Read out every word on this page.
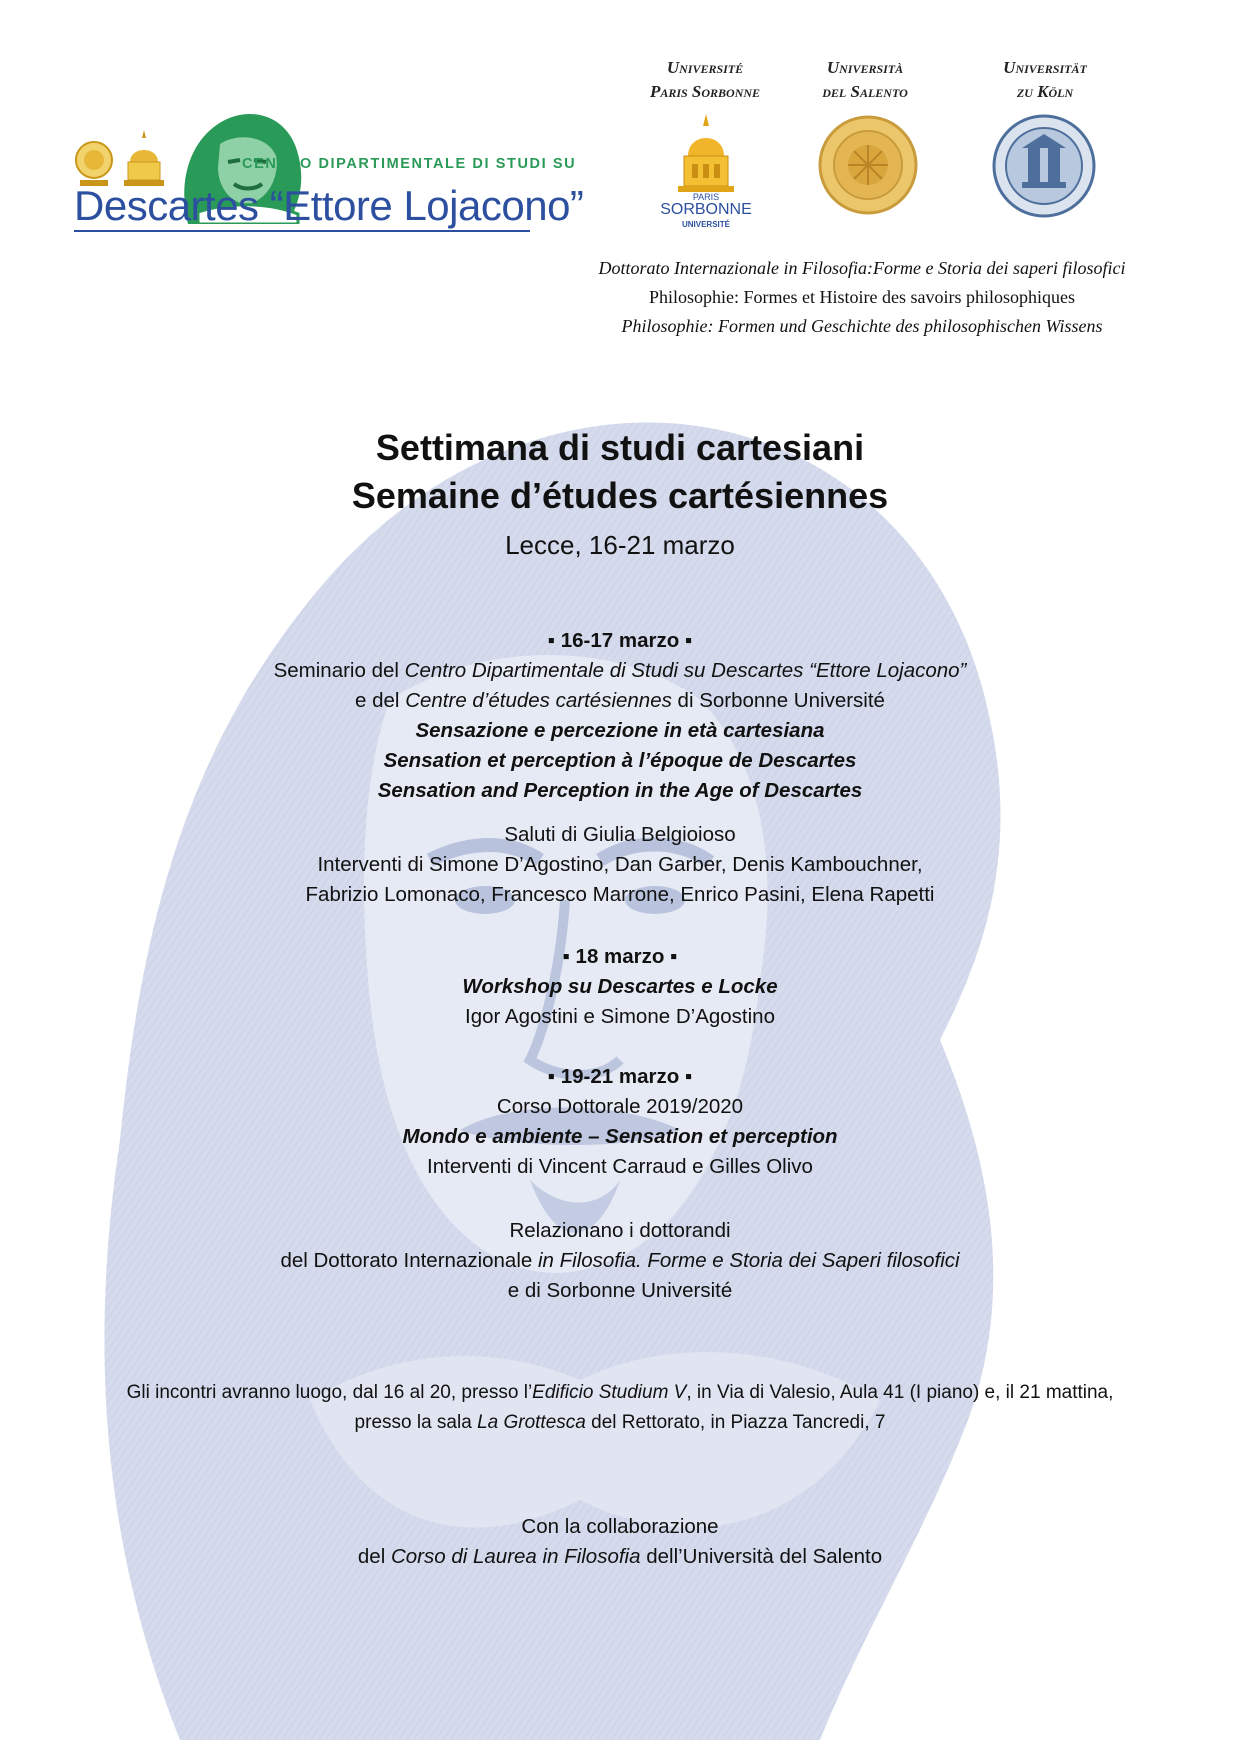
CENTRO DIPARTIMENTALE DI STUDI SU
Descartes “Ettore Lojacono”
Université
Paris Sorbonne
Università
del Salento
Universität
zu Köln
PARIS
SORBONNE
UNIVERSITÉ

Dottorato Internazionale in Filosofia:Forme e Storia dei saperi filosofici

Philosophie: Formes et Histoire des savoirs philosophiques

Philosophie: Formen und Geschichte des philosophischen Wissens

Settimana di studi cartesiani

Semaine d’études cartésiennes

Lecce, 16-21 marzo

▪ 16-17 marzo ▪

Seminario del Centro Dipartimentale di Studi su Descartes “Ettore Lojacono”

e del Centre d’études cartésiennes di Sorbonne Université

Sensazione e percezione in età cartesiana

Sensation et perception à l’époque de Descartes

Sensation and Perception in the Age of Descartes

Saluti di Giulia Belgioioso

Interventi di Simone D’Agostino, Dan Garber, Denis Kambouchner,

Fabrizio Lomonaco, Francesco Marrone, Enrico Pasini, Elena Rapetti

▪ 18 marzo ▪

Workshop su Descartes e Locke

Igor Agostini e Simone D’Agostino

▪ 19-21 marzo ▪

Corso Dottorale 2019/2020

Mondo e ambiente – Sensation et perception

Interventi di Vincent Carraud e Gilles Olivo

Relazionano i dottorandi

del Dottorato Internazionale in Filosofia. Forme e Storia dei Saperi filosofici

e di Sorbonne Université

Gli incontri avranno luogo, dal 16 al 20, presso l’Edificio Studium V, in Via di Valesio, Aula 41 (I piano) e, il 21 mattina,

presso la sala La Grottesca del Rettorato, in Piazza Tancredi, 7

Con la collaborazione

del Corso di Laurea in Filosofia dell’Università del Salento
